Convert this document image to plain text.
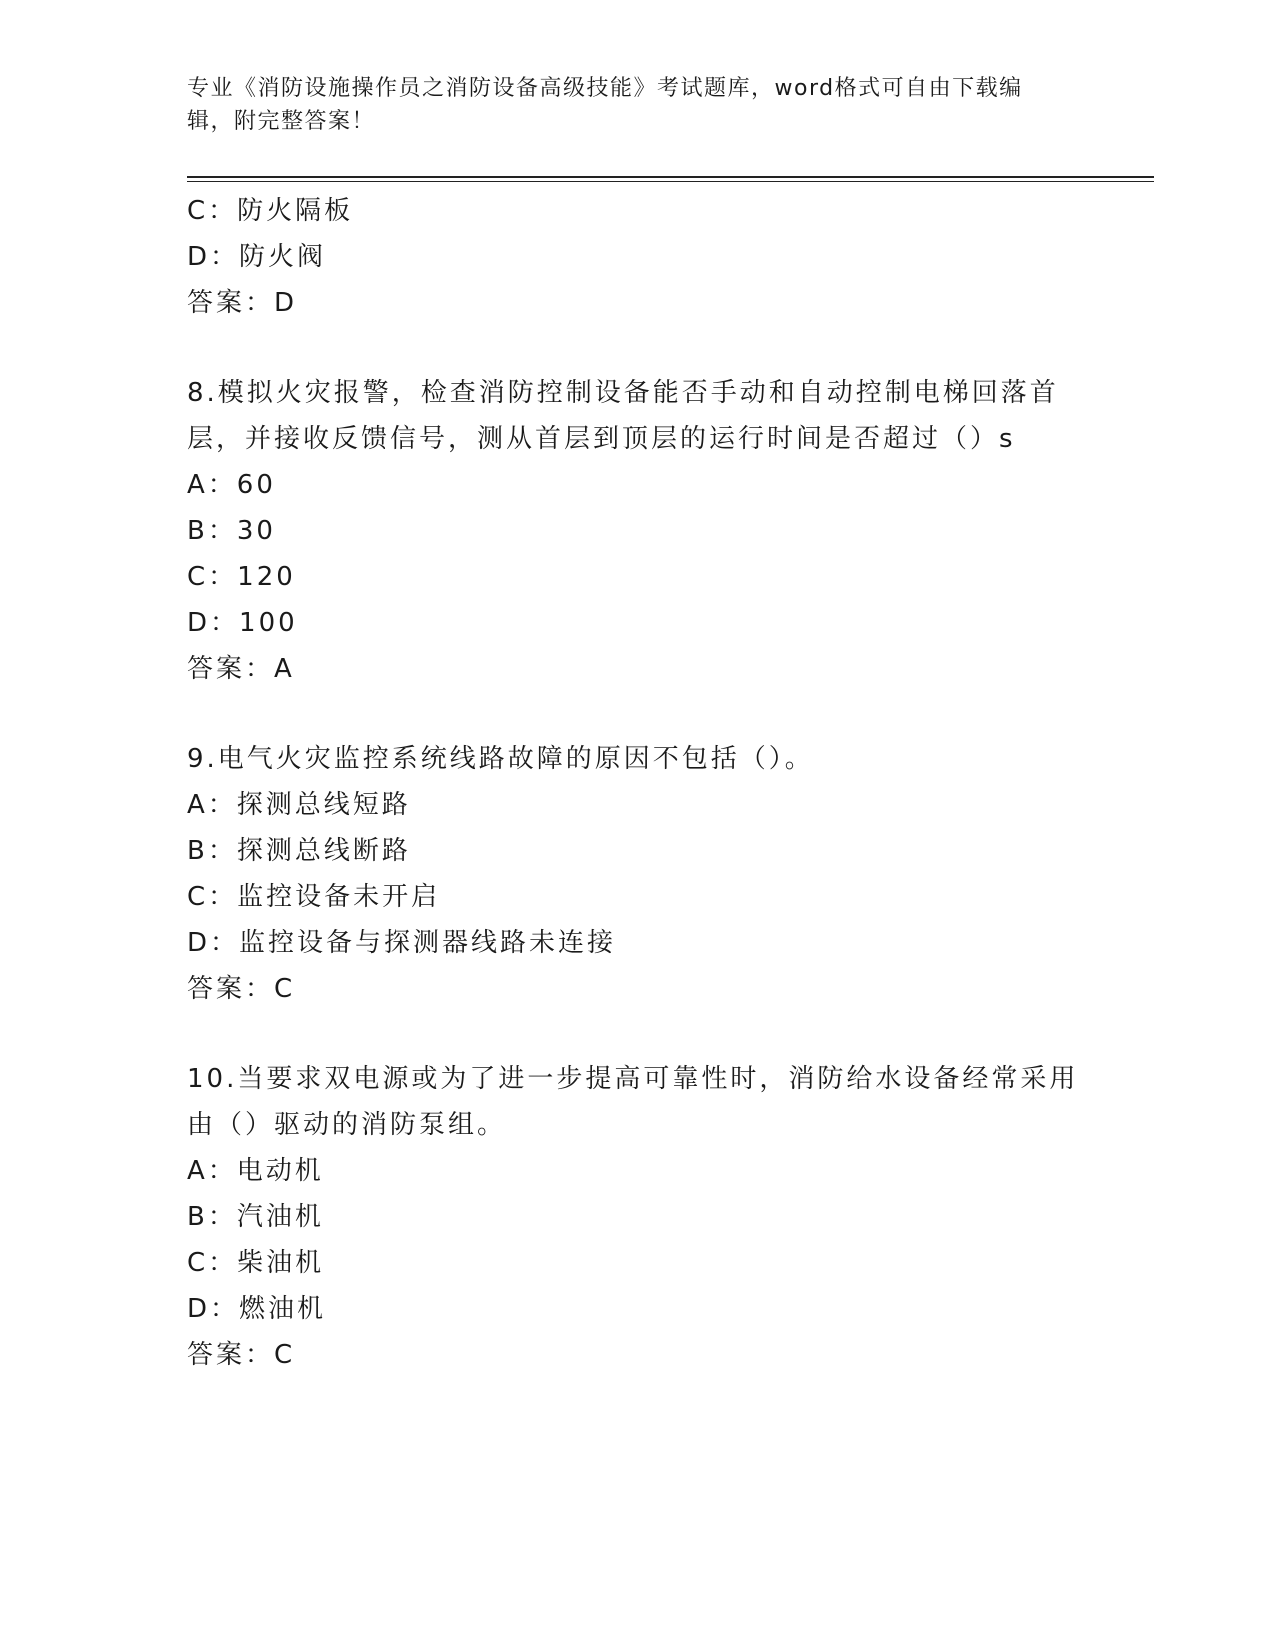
专业《消防设施操作员之消防设备高级技能》考试题库，word格式可自由下载编辑，附完整答案！
C：防火隔板
D：防火阀
答案：D
8.模拟火灾报警，检查消防控制设备能否手动和自动控制电梯回落首
层，并接收反馈信号，测从首层到顶层的运行时间是否超过（）s
A：60
B：30
C：120
D：100
答案：A
9.电气火灾监控系统线路故障的原因不包括（）。
A：探测总线短路
B：探测总线断路
C：监控设备未开启
D：监控设备与探测器线路未连接
答案：C
10.当要求双电源或为了进一步提高可靠性时，消防给水设备经常采用
由（）驱动的消防泵组。
A：电动机
B：汽油机
C：柴油机
D：燃油机
答案：C
